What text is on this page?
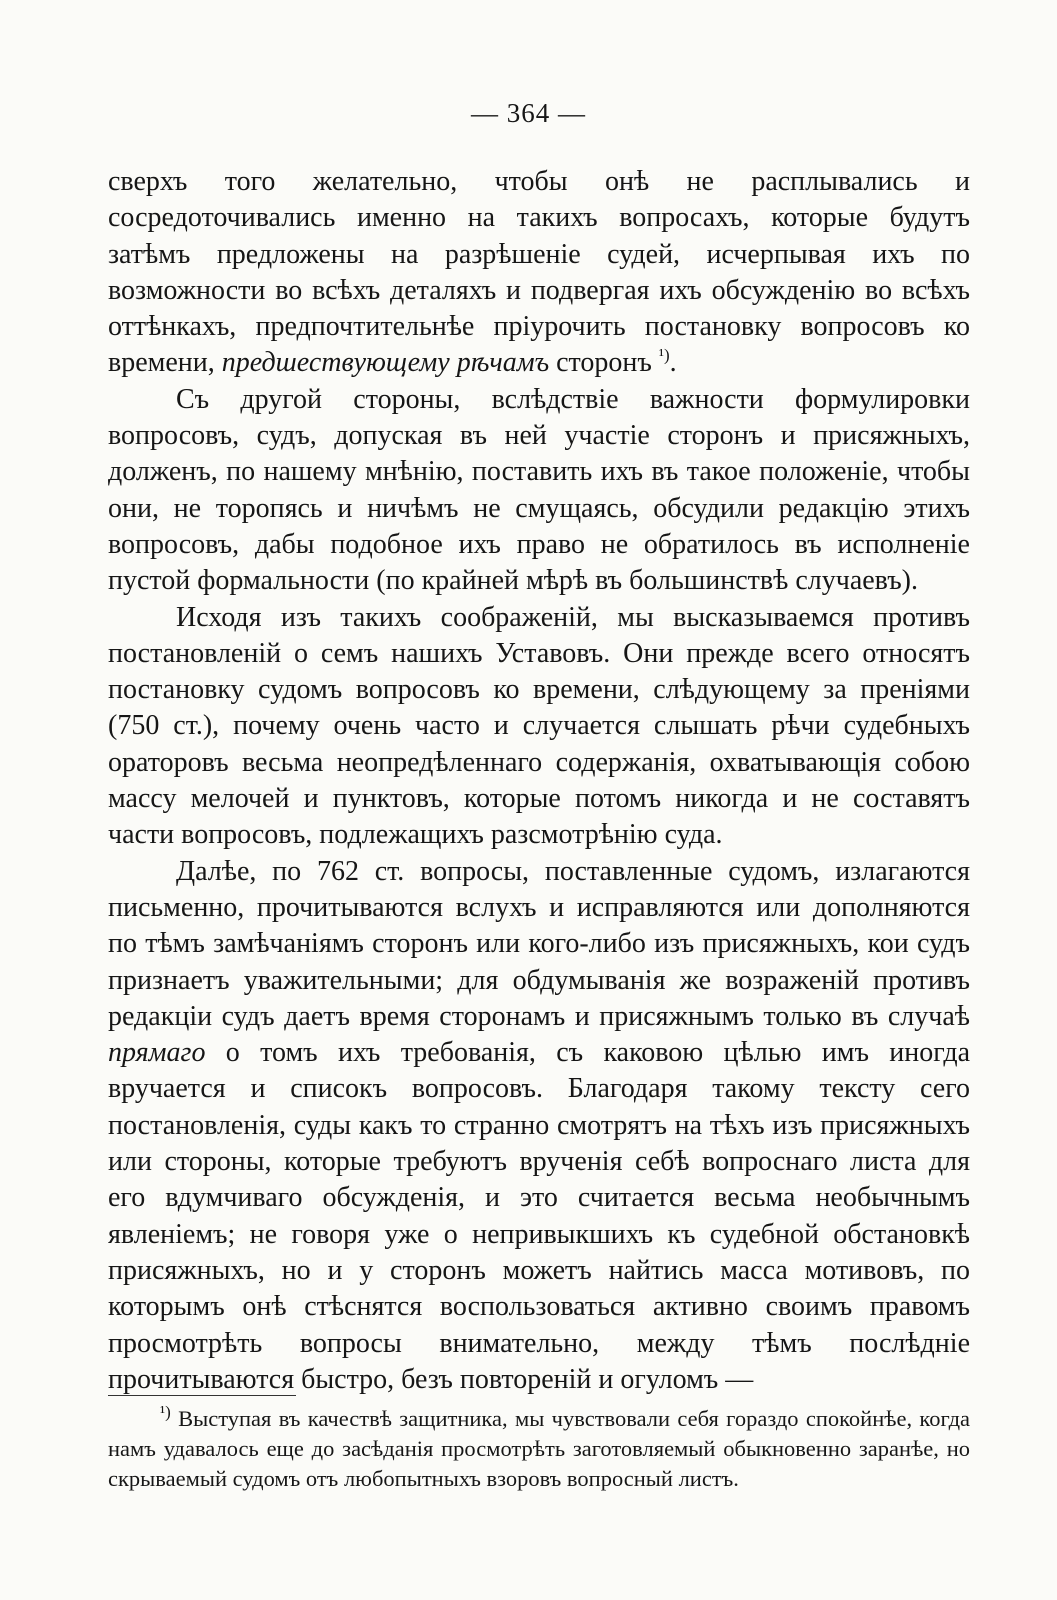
— 364 —

сверхъ того желательно, чтобы онѣ не расплывались и сосредоточивались именно на такихъ вопросахъ, которые будутъ затѣмъ предложены на разрѣшеніе судей, исчерпывая ихъ по возможности во всѣхъ деталяхъ и подвергая ихъ обсужденію во всѣхъ оттѣнкахъ, предпочтительнѣе пріурочить постановку вопросовъ ко времени, предшествующему рѣчамъ сторонъ $^{^1)}$.

Съ другой стороны, вслѣдствіе важности формулировки вопросовъ, судъ, допуская въ ней участіе сторонъ и присяжныхъ, долженъ, по нашему мнѣнію, поставить ихъ въ такое положеніе, чтобы они, не торопясь и ничѣмъ не смущаясь, обсудили редакцію этихъ вопросовъ, дабы подобное ихъ право не обратилось въ исполненіе пустой формальности (по крайней мѣрѣ въ большинствѣ случаевъ).

Исходя изъ такихъ соображеній, мы высказываемся противъ постановленій о семъ нашихъ Уставовъ. Они прежде всего относятъ постановку судомъ вопросовъ ко времени, слѣдующему за преніями (750 ст.), почему очень часто и случается слышать рѣчи судебныхъ ораторовъ весьма неопредѣленнаго содержанія, охватывающія собою массу мелочей и пунктовъ, которые потомъ никогда и не составятъ части вопросовъ, подлежащихъ разсмотрѣнію суда.

Далѣе, по 762 ст. вопросы, поставленные судомъ, излагаются письменно, прочитываются вслухъ и исправляются или дополняются по тѣмъ замѣчаніямъ сторонъ или кого-либо изъ присяжныхъ, кои судъ признаетъ уважительными; для обдумыванія же возраженій противъ редакціи судъ даетъ время сторонамъ и присяжнымъ только въ случаѣ прямаго о томъ ихъ требованія, съ каковою цѣлью имъ иногда вручается и списокъ вопросовъ. Благодаря такому тексту сего постановленія, суды какъ то странно смотрятъ на тѣхъ изъ присяжныхъ или стороны, которые требуютъ врученія себѣ вопроснаго листа для его вдумчиваго обсужденія, и это считается весьма необычнымъ явленіемъ; не говоря уже о непривыкшихъ къ судебной обстановкѣ присяжныхъ, но и у сторонъ можетъ найтись масса мотивовъ, по которымъ онѣ стѣснятся воспользоваться активно своимъ правомъ просмотрѣть вопросы внимательно, между тѣмъ послѣдніе прочитываются быстро, безъ повтореній и огуломъ —

$^{^1)}$ Выступая въ качествѣ защитника, мы чувствовали себя гораздо спокойнѣе, когда намъ удавалось еще до засѣданія просмотрѣть заготовляемый обыкновенно заранѣе, но скрываемый судомъ отъ любопытныхъ взоровъ вопросный листъ.
